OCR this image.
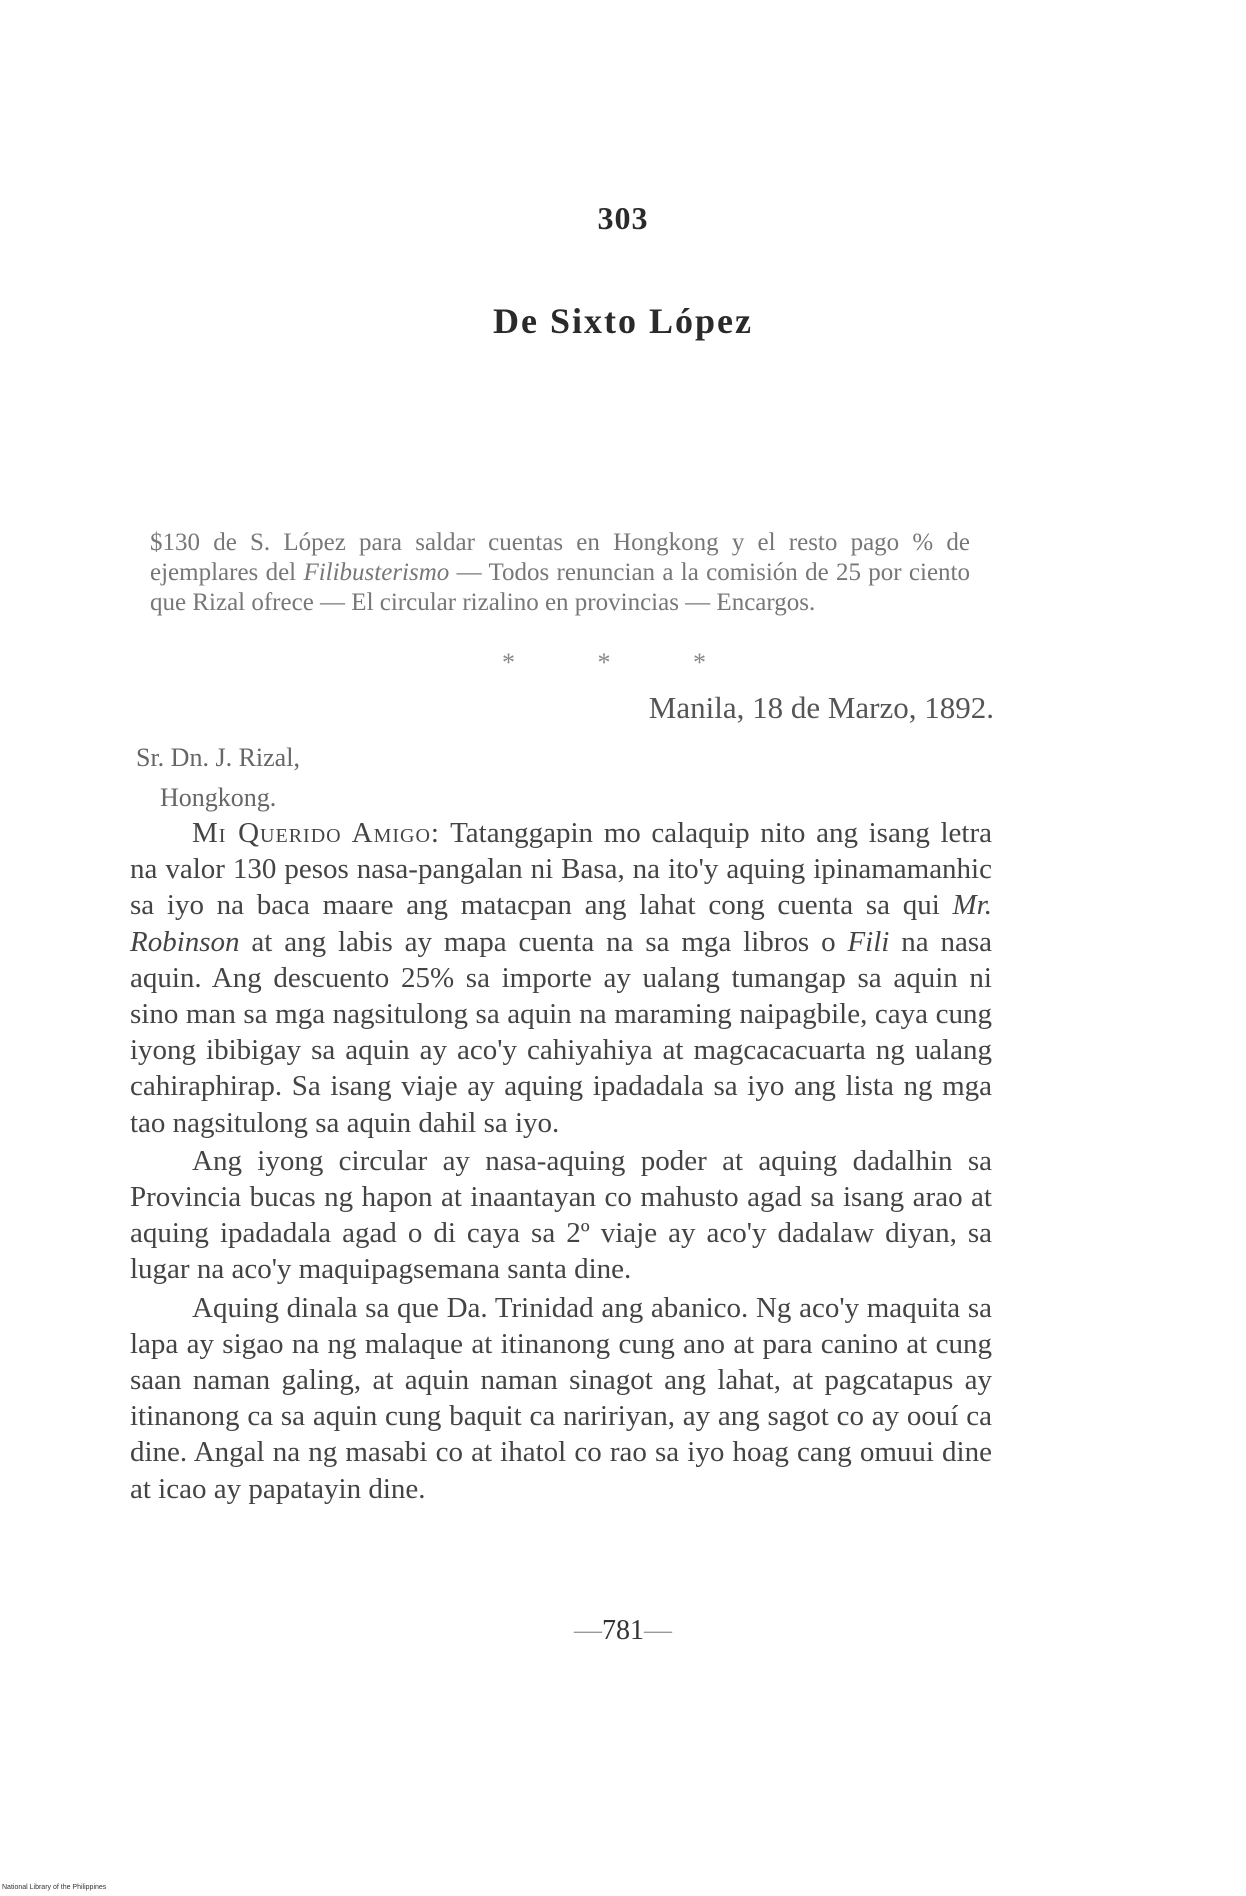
303
De Sixto López
$130 de S. López para saldar cuentas en Hongkong y el resto pago % de ejemplares del Filibusterismo — Todos renuncian a la comisión de 25 por ciento que Rizal ofrece — El circular rizalino en provincias — Encargos.
* * *
Manila, 18 de Marzo, 1892.
Sr. Dn. J. Rizal,
Hongkong.

Mi Querido Amigo: Tatanggapin mo calaquip nito ang isang letra na valor 130 pesos nasa-pangalan ni Basa, na ito'y aquing ipinamamanhic sa iyo na baca maare ang matacpan ang lahat cong cuenta sa qui Mr. Robinson at ang labis ay mapa cuenta na sa mga libros o Fili na nasa aquin. Ang descuento 25% sa importe ay ualang tumangap sa aquin ni sino man sa mga nagsitulong sa aquin na maraming naipagbile, caya cung iyong ibibigay sa aquin ay aco'y cahiyahiya at magcacacuarta ng ualang cahiraphirap. Sa isang viaje ay aquing ipadadala sa iyo ang lista ng mga tao nagsitulong sa aquin dahil sa iyo.

Ang iyong circular ay nasa-aquing poder at aquing dadalhin sa Provincia bucas ng hapon at inaantayan co mahusto agad sa isang arao at aquing ipadadala agad o di caya sa 2º viaje ay aco'y dadalaw diyan, sa lugar na aco'y maquipagsemana santa dine.

Aquing dinala sa que Da. Trinidad ang abanico. Ng aco'y maquita sa lapa ay sigao na ng malaque at itinanong cung ano at para canino at cung saan naman galing, at aquin naman sinagot ang lahat, at pagcatapus ay itinanong ca sa aquin cung baquit ca naririyan, ay ang sagot co ay oouí ca dine. Angal na ng masabi co at ihatol co rao sa iyo hoag cang omuui dine at icao ay papatayin dine.

—781—
National Library of the Philippines
